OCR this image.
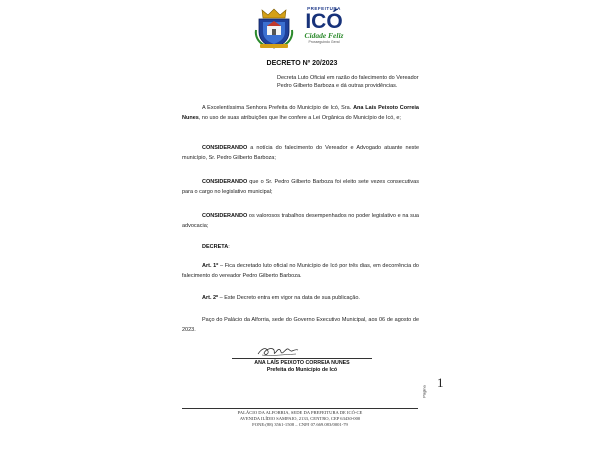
PREFEITURA
ICÓ
Cidade Feliz
Prosseguindo Geral
DECRETO Nº 20/2023
Decreta Luto Oficial em razão do falecimento do Vereador Pedro Gilberto Barboza e dá outras providências.
A Excelentíssima Senhora Prefeita do Município de Icó, Sra. Ana Laís Peixoto Correia Nunes, no uso de suas atribuições que lhe confere a Lei Orgânica do Município de Icó, e;
CONSIDERANDO a notícia do falecimento do Vereador e Advogado atuante neste município, Sr. Pedro Gilberto Barboza;
CONSIDERANDO que o Sr. Pedro Gilberto Barboza foi eleito sete vezes consecutivas para o cargo no legislativo municipal;
CONSIDERANDO os valorosos trabalhos desempenhados no poder legislativo e na sua advocacia;
DECRETA:
Art. 1º – Fica decretado luto oficial no Município de Icó por três dias, em decorrência do falecimento do vereador Pedro Gilberto Barboza.
Art. 2º – Este Decreto entra em vigor na data de sua publicação.
Paço do Palácio da Alforria, sede do Governo Executivo Municipal, aos 06 de agosto de 2023.
ANA LAÍS PEIXOTO CORREIA NUNES
Prefeita do Município de Icó
Página
1
PALÁCIO DA ALFORRIA, SEDE DA PREFEITURA DE ICÓ-CE
AVENIDA ILÍDIO SAMPAIO, 2133, CENTRO, CEP 63430-000
FONE:(88) 3561-1508 – CNPJ 07.669.083/0001-79
